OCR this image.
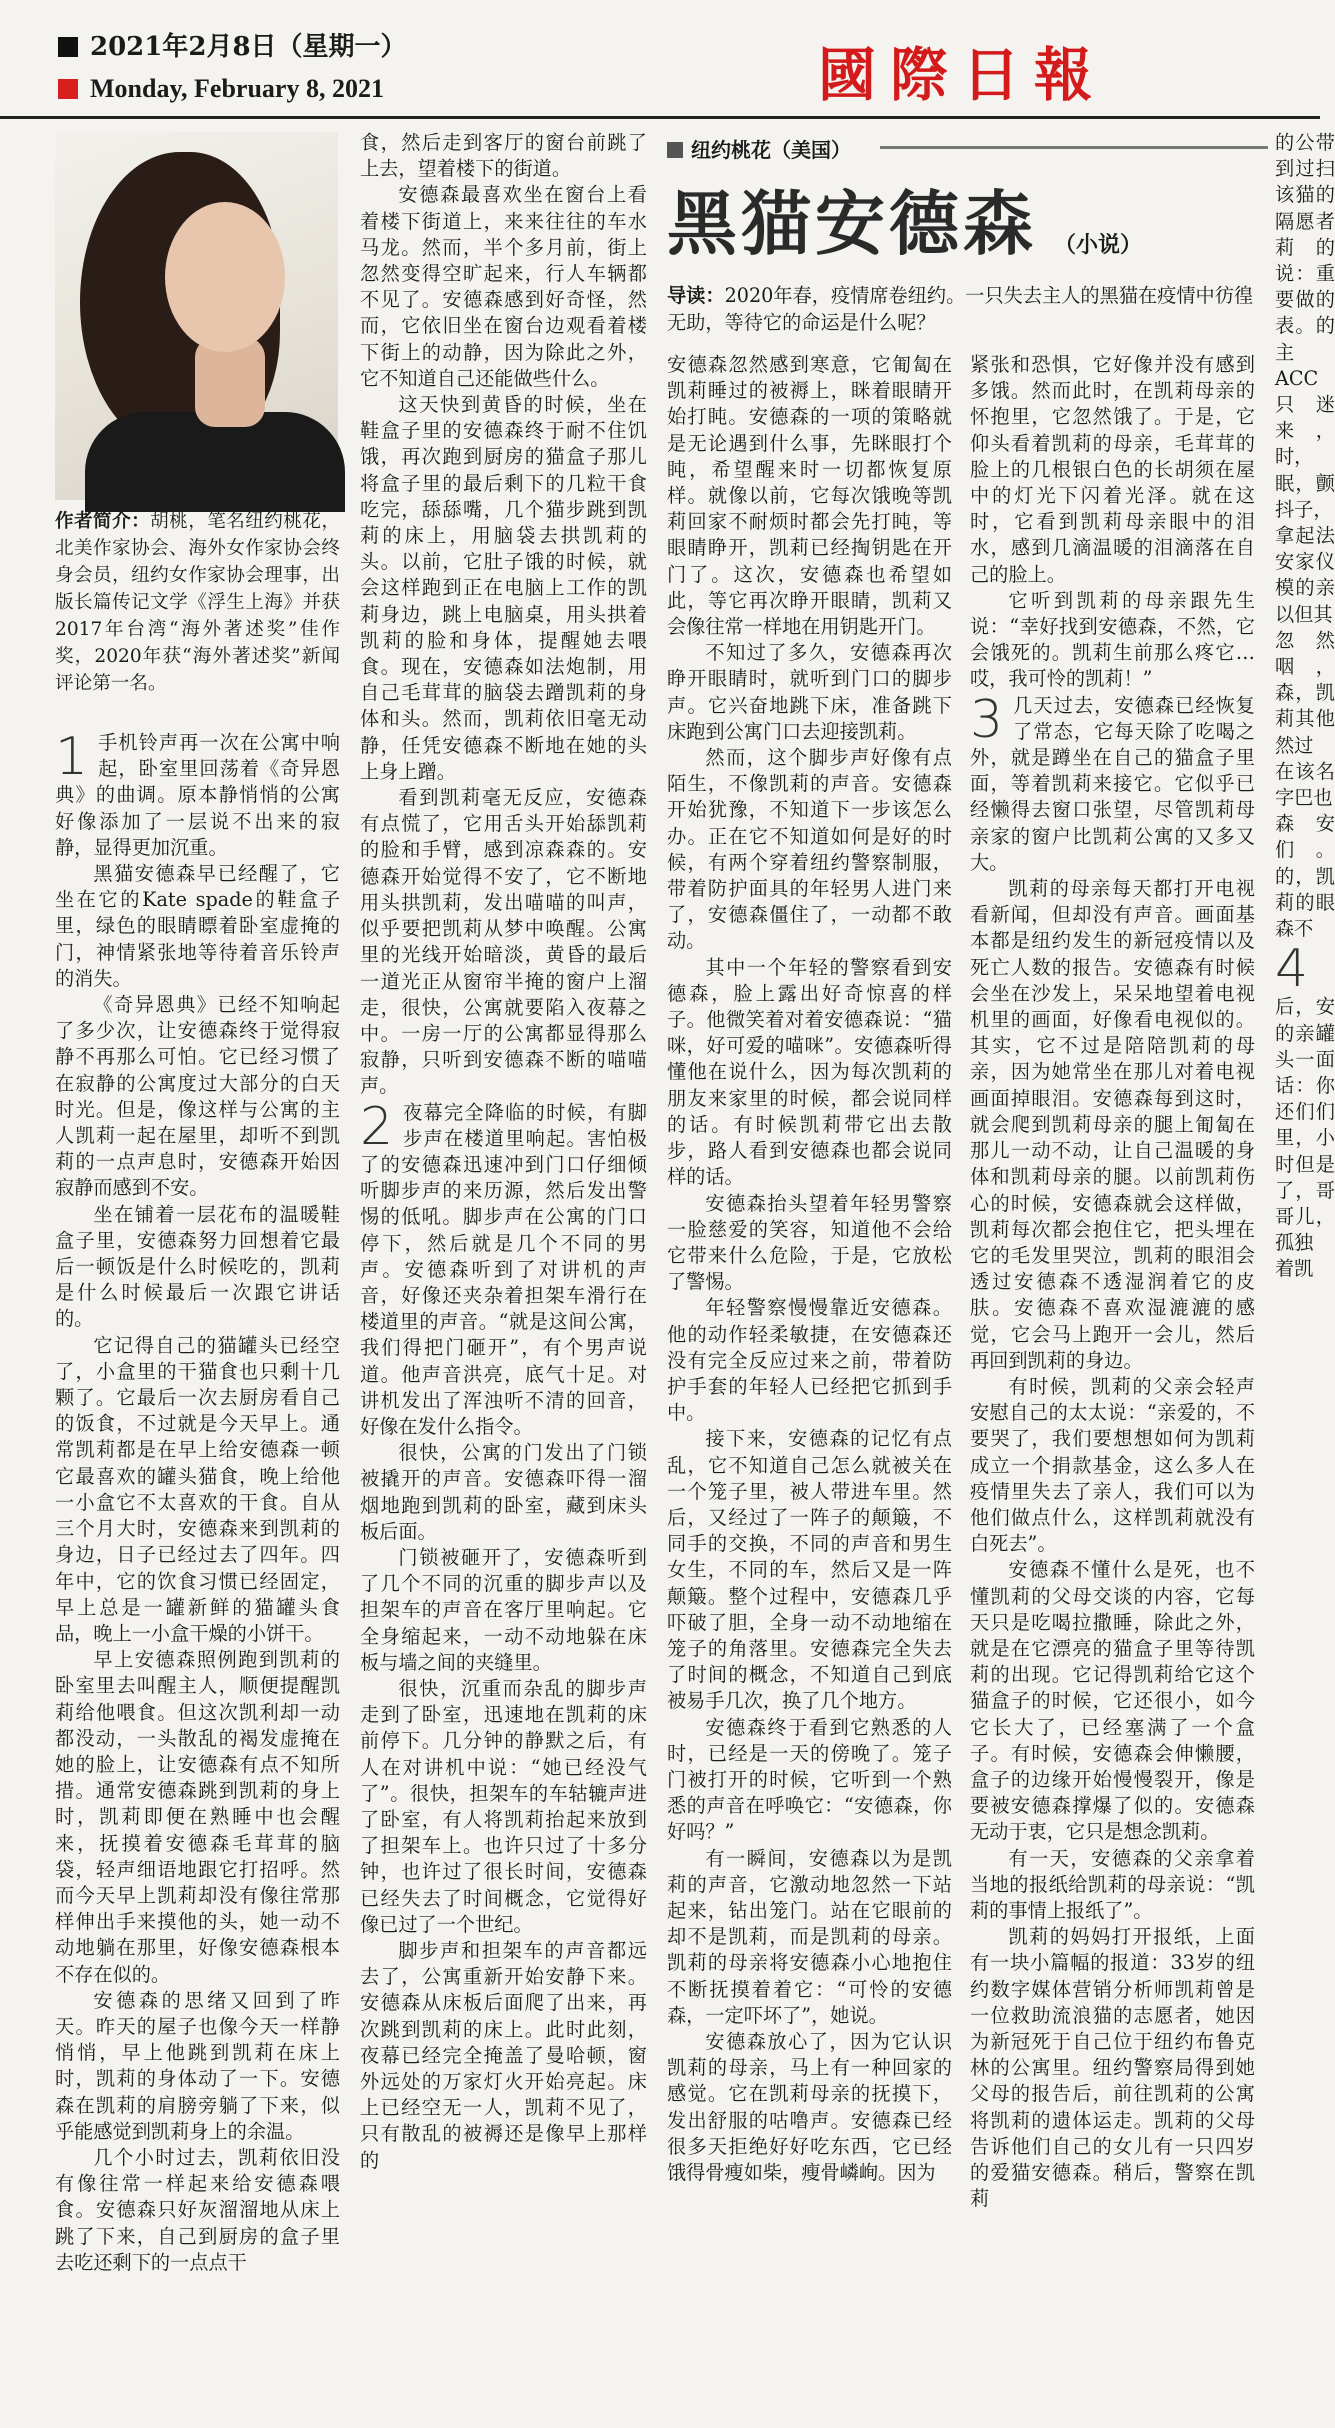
2021年2月8日（星期一）
Monday, February 8, 2021	國際日報
作者简介：胡桃，笔名纽约桃花，北美作家协会、海外女作家协会终身会员，纽约女作家协会理事，出版长篇传记文学《浮生上海》并获2017年台湾“海外著述奖”佳作奖，2020年获“海外著述奖”新闻评论第一名。

1 手机铃声再一次在公寓中响起，卧室里回荡着《奇异恩典》的曲调。原本静悄悄的公寓好像添加了一层说不出来的寂静，显得更加沉重。

黑猫安德森早已经醒了，它坐在它的Kate spade的鞋盒子里，绿色的眼睛瞟着卧室虚掩的门，神情紧张地等待着音乐铃声的消失。

《奇异恩典》已经不知响起了多少次，让安德森终于觉得寂静不再那么可怕。它已经习惯了在寂静的公寓度过大部分的白天时光。但是，像这样与公寓的主人凯莉一起在屋里，却听不到凯莉的一点声息时，安德森开始因寂静而感到不安。

坐在铺着一层花布的温暖鞋盒子里，安德森努力回想着它最后一顿饭是什么时候吃的，凯莉是什么时候最后一次跟它讲话的。

它记得自己的猫罐头已经空了，小盒里的干猫食也只剩十几颗了。它最后一次去厨房看自己的饭食，不过就是今天早上。通常凯莉都是在早上给安德森一顿它最喜欢的罐头猫食，晚上给他一小盒它不太喜欢的干食。自从三个月大时，安德森来到凯莉的身边，日子已经过去了四年。四年中，它的饮食习惯已经固定，早上总是一罐新鲜的猫罐头食品，晚上一小盒干燥的小饼干。

早上安德森照例跑到凯莉的卧室里去叫醒主人，顺便提醒凯莉给他喂食。但这次凯利却一动都没动，一头散乱的褐发虚掩在她的脸上，让安德森有点不知所措。通常安德森跳到凯莉的身上时，凯莉即便在熟睡中也会醒来，抚摸着安德森毛茸茸的脑袋，轻声细语地跟它打招呼。然而今天早上凯莉却没有像往常那样伸出手来摸他的头，她一动不动地躺在那里，好像安德森根本不存在似的。

安德森的思绪又回到了昨天。昨天的屋子也像今天一样静悄悄，早上他跳到凯莉在床上时，凯莉的身体动了一下。安德森在凯莉的肩膀旁躺了下来，似乎能感觉到凯莉身上的余温。

几个小时过去，凯莉依旧没有像往常一样起来给安德森喂食。安德森只好灰溜溜地从床上跳了下来，自己到厨房的盒子里去吃还剩下的一点点干

食，然后走到客厅的窗台前跳了上去，望着楼下的街道。

安德森最喜欢坐在窗台上看着楼下街道上，来来往往的车水马龙。然而，半个多月前，街上忽然变得空旷起来，行人车辆都不见了。安德森感到好奇怪，然而，它依旧坐在窗台边观看着楼下街上的动静，因为除此之外，它不知道自己还能做些什么。

这天快到黄昏的时候，坐在鞋盒子里的安德森终于耐不住饥饿，再次跑到厨房的猫盒子那儿将盒子里的最后剩下的几粒干食吃完，舔舔嘴，几个猫步跳到凯莉的床上，用脑袋去拱凯莉的头。以前，它肚子饿的时候，就会这样跑到正在电脑上工作的凯莉身边，跳上电脑桌，用头拱着凯莉的脸和身体，提醒她去喂食。现在，安德森如法炮制，用自己毛茸茸的脑袋去蹭凯莉的身体和头。然而，凯莉依旧毫无动静，任凭安德森不断地在她的头上身上蹭。

看到凯莉毫无反应，安德森有点慌了，它用舌头开始舔凯莉的脸和手臂，感到凉森森的。安德森开始觉得不安了，它不断地用头拱凯莉，发出喵喵的叫声，似乎要把凯莉从梦中唤醒。公寓里的光线开始暗淡，黄昏的最后一道光正从窗帘半掩的窗户上溜走，很快，公寓就要陷入夜幕之中。一房一厅的公寓都显得那么寂静，只听到安德森不断的喵喵声。

2 夜幕完全降临的时候，有脚步声在楼道里响起。害怕极了的安德森迅速冲到门口仔细倾听脚步声的来历源，然后发出警惕的低吼。脚步声在公寓的门口停下，然后就是几个不同的男声。安德森听到了对讲机的声音，好像还夹杂着担架车滑行在楼道里的声音。“就是这间公寓，我们得把门砸开”，有个男声说道。他声音洪亮，底气十足。对讲机发出了浑浊听不清的回音，好像在发什么指令。

很快，公寓的门发出了门锁被撬开的声音。安德森吓得一溜烟地跑到凯莉的卧室，藏到床头板后面。

门锁被砸开了，安德森听到了几个不同的沉重的脚步声以及担架车的声音在客厅里响起。它全身缩起来，一动不动地躲在床板与墙之间的夹缝里。

很快，沉重而杂乱的脚步声走到了卧室，迅速地在凯莉的床前停下。几分钟的静默之后，有人在对讲机中说：“她已经没气了”。很快，担架车的车轱辘声进了卧室，有人将凯莉抬起来放到了担架车上。也许只过了十多分钟，也许过了很长时间，安德森已经失去了时间概念，它觉得好像已过了一个世纪。

脚步声和担架车的声音都远去了，公寓重新开始安静下来。安德森从床板后面爬了出来，再次跳到凯莉的床上。此时此刻，夜幕已经完全掩盖了曼哈顿，窗外远处的万家灯火开始亮起。床上已经空无一人，凯莉不见了，只有散乱的被褥还是像早上那样的

纽约桃花（美国）
黑猫安德森 （小说）
导读：2020年春，疫情席卷纽约。一只失去主人的黑猫在疫情中彷徨无助，等待它的命运是什么呢？

安德森忽然感到寒意，它匍匐在凯莉睡过的被褥上，眯着眼睛开始打盹。安德森的一项的策略就是无论遇到什么事，先眯眼打个盹，希望醒来时一切都恢复原样。就像以前，它每次饿晚等凯莉回家不耐烦时都会先打盹，等眼睛睁开，凯莉已经掏钥匙在开门了。这次，安德森也希望如此，等它再次睁开眼睛，凯莉又会像往常一样地在用钥匙开门。

不知过了多久，安德森再次睁开眼睛时，就听到门口的脚步声。它兴奋地跳下床，准备跳下床跑到公寓门口去迎接凯莉。

然而，这个脚步声好像有点陌生，不像凯莉的声音。安德森开始犹豫，不知道下一步该怎么办。正在它不知道如何是好的时候，有两个穿着纽约警察制服，带着防护面具的年轻男人进门来了，安德森僵住了，一动都不敢动。

其中一个年轻的警察看到安德森，脸上露出好奇惊喜的样子。他微笑着对着安德森说：“猫咪，好可爱的喵咪”。安德森听得懂他在说什么，因为每次凯莉的朋友来家里的时候，都会说同样的话。有时候凯莉带它出去散步，路人看到安德森也都会说同样的话。

安德森抬头望着年轻男警察一脸慈爱的笑容，知道他不会给它带来什么危险，于是，它放松了警惕。

年轻警察慢慢靠近安德森。他的动作轻柔敏捷，在安德森还没有完全反应过来之前，带着防护手套的年轻人已经把它抓到手中。

接下来，安德森的记忆有点乱，它不知道自己怎么就被关在一个笼子里，被人带进车里。然后，又经过了一阵子的颠簸，不同手的交换，不同的声音和男生女生，不同的车，然后又是一阵颠簸。整个过程中，安德森几乎吓破了胆，全身一动不动地缩在笼子的角落里。安德森完全失去了时间的概念，不知道自己到底被易手几次，换了几个地方。

安德森终于看到它熟悉的人时，已经是一天的傍晚了。笼子门被打开的时候，它听到一个熟悉的声音在呼唤它：“安德森，你好吗？”

有一瞬间，安德森以为是凯莉的声音，它激动地忽然一下站起来，钻出笼门。站在它眼前的却不是凯莉，而是凯莉的母亲。凯莉的母亲将安德森小心地抱住不断抚摸着着它：“可怜的安德森，一定吓坏了”，她说。

安德森放心了，因为它认识凯莉的母亲，马上有一种回家的感觉。它在凯莉母亲的抚摸下，发出舒服的咕噜声。安德森已经很多天拒绝好好吃东西，它已经饿得骨瘦如柴，瘦骨嶙峋。因为

紧张和恐惧，它好像并没有感到多饿。然而此时，在凯莉母亲的怀抱里，它忽然饿了。于是，它仰头看着凯莉的母亲，毛茸茸的脸上的几根银白色的长胡须在屋中的灯光下闪着光泽。就在这时，它看到凯莉母亲眼中的泪水，感到几滴温暖的泪滴落在自己的脸上。

它听到凯莉的母亲跟先生说：“幸好找到安德森，不然，它会饿死的。凯莉生前那么疼它…哎，我可怜的凯莉！”

3 几天过去，安德森已经恢复了常态，它每天除了吃喝之外，就是蹲坐在自己的猫盒子里面，等着凯莉来接它。它似乎已经懒得去窗口张望，尽管凯莉母亲家的窗户比凯莉公寓的又多又大。

凯莉的母亲每天都打开电视看新闻，但却没有声音。画面基本都是纽约发生的新冠疫情以及死亡人数的报告。安德森有时候会坐在沙发上，呆呆地望着电视机里的画面，好像看电视似的。其实，它不过是陪陪凯莉的母亲，因为她常坐在那儿对着电视画面掉眼泪。安德森每到这时，就会爬到凯莉母亲的腿上匍匐在那儿一动不动，让自己温暖的身体和凯莉母亲的腿。以前凯莉伤心的时候，安德森就会这样做，凯莉每次都会抱住它，把头埋在它的毛发里哭泣，凯莉的眼泪会透过安德森不透湿润着它的皮肤。安德森不喜欢湿漉漉的感觉，它会马上跑开一会儿，然后再回到凯莉的身边。

有时候，凯莉的父亲会轻声安慰自己的太太说：“亲爱的，不要哭了，我们要想想如何为凯莉成立一个捐款基金，这么多人在疫情里失去了亲人，我们可以为他们做点什么，这样凯莉就没有白死去”。

安德森不懂什么是死，也不懂凯莉的父母交谈的内容，它每天只是吃喝拉撒睡，除此之外，就是在它漂亮的猫盒子里等待凯莉的出现。它记得凯莉给它这个猫盒子的时候，它还很小，如今它长大了，已经塞满了一个盒子。有时候，安德森会伸懒腰，盒子的边缘开始慢慢裂开，像是要被安德森撑爆了似的。安德森无动于衷，它只是想念凯莉。

有一天，安德森的父亲拿着当地的报纸给凯莉的母亲说：“凯莉的事情上报纸了”。

凯莉的妈妈打开报纸，上面有一块小篇幅的报道：33岁的纽约数字媒体营销分析师凯莉曾是一位救助流浪猫的志愿者，她因为新冠死于自己位于纽约布鲁克林的公寓里。纽约警察局得到她父母的报告后，前往凯莉的公寓将凯莉的遗体运走。凯莉的父母告诉他们自己的女儿有一只四岁的爱猫安德森。稍后，警察在凯莉

的公带到过扫该猫的隔愿者莉的说：重要做的表。的主ACC只迷来，时，

眠，颤抖子，

拿起法安家仪模的亲以但其

忽然咽，森，凯莉其他然过

在该名字巴也

森安们。的，凯莉的眼森不

4
后，安的亲罐头一面话：你还们们里，小时但是了，哥哥儿，孤独

着凯
